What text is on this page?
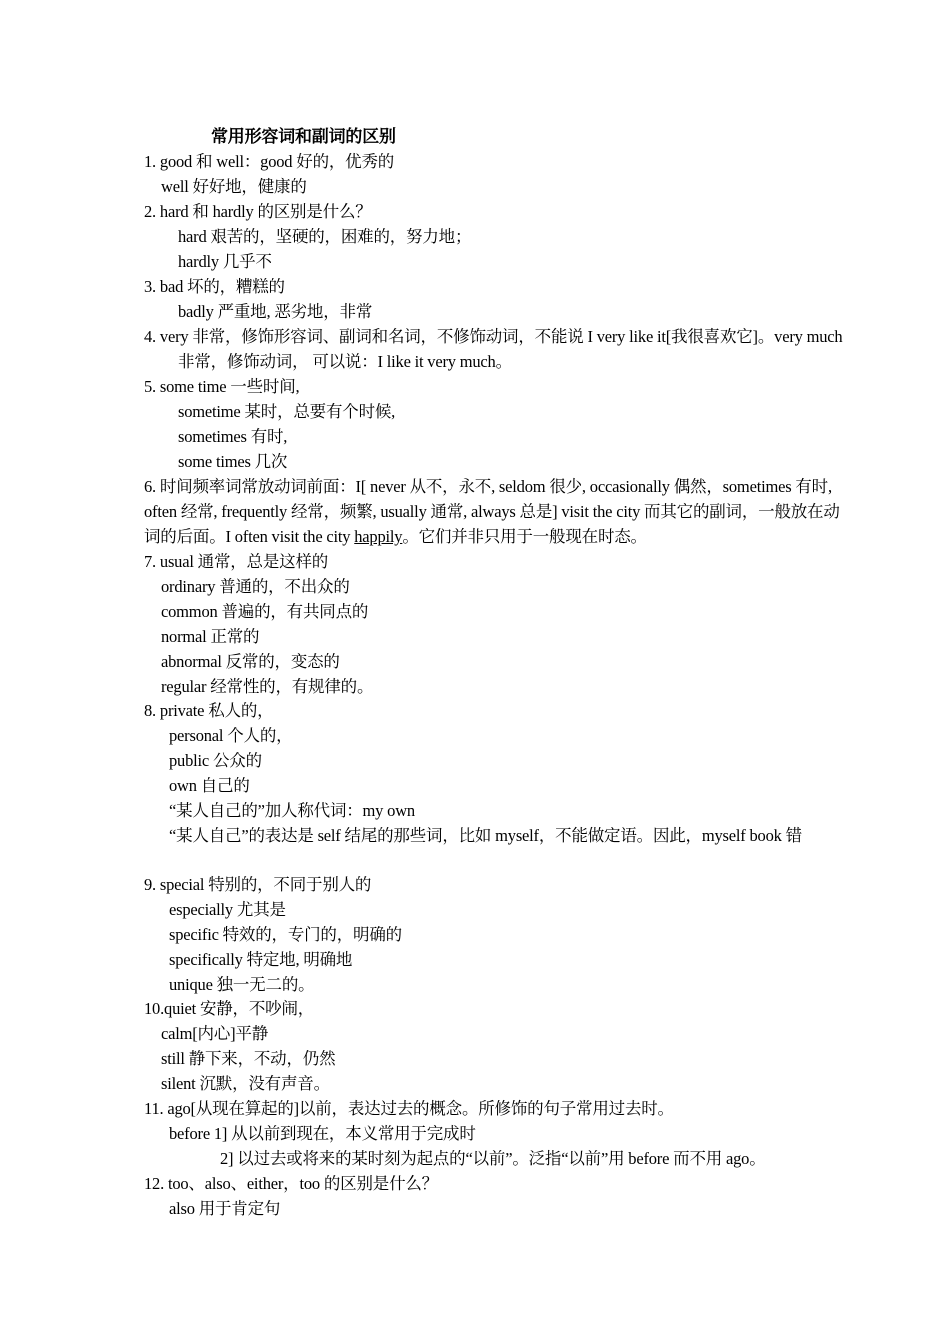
常用形容词和副词的区别
1. good 和 well：good 好的，优秀的
well 好好地，健康的
2. hard 和 hardly 的区别是什么？
hard 艰苦的，坚硬的，困难的，努力地；
hardly 几乎不
3. bad 坏的，糟糕的
badly 严重地, 恶劣地，非常
4. very 非常，修饰形容词、副词和名词，不修饰动词，不能说 I very like it[我很喜欢它]。very much
非常，修饰动词， 可以说：I like it very much。
5. some time 一些时间,
sometime 某时，总要有个时候,
sometimes 有时,
some times 几次
6. 时间频率词常放动词前面：I[ never 从不，永不, seldom 很少, occasionally 偶然，sometimes 有时,
often 经常, frequently 经常，频繁, usually 通常, always 总是] visit the city 而其它的副词，一般放在动
词的后面。I often visit the city happily。它们并非只用于一般现在时态。
7. usual 通常，总是这样的
ordinary 普通的，不出众的
common 普遍的，有共同点的
normal 正常的
abnormal 反常的，变态的
regular 经常性的，有规律的。
8. private 私人的，
personal 个人的，
public 公众的
own 自己的
“某人自己的”加人称代词：my own
“某人自己”的表达是 self 结尾的那些词，比如 myself，不能做定语。因此，myself book 错
9. special 特别的，不同于别人的
especially 尤其是
specific 特效的，专门的，明确的
specifically 特定地, 明确地
unique 独一无二的。
10.quiet 安静，不吵闹，
calm[内心]平静
still 静下来，不动，仍然
silent 沉默，没有声音。
11. ago[从现在算起的]以前，表达过去的概念。所修饰的句子常用过去时。
before 1] 从以前到现在，本义常用于完成时
2] 以过去或将来的某时刻为起点的“以前”。泛指“以前”用 before 而不用 ago。
12. too、also、either，too 的区别是什么？
also 用于肯定句
